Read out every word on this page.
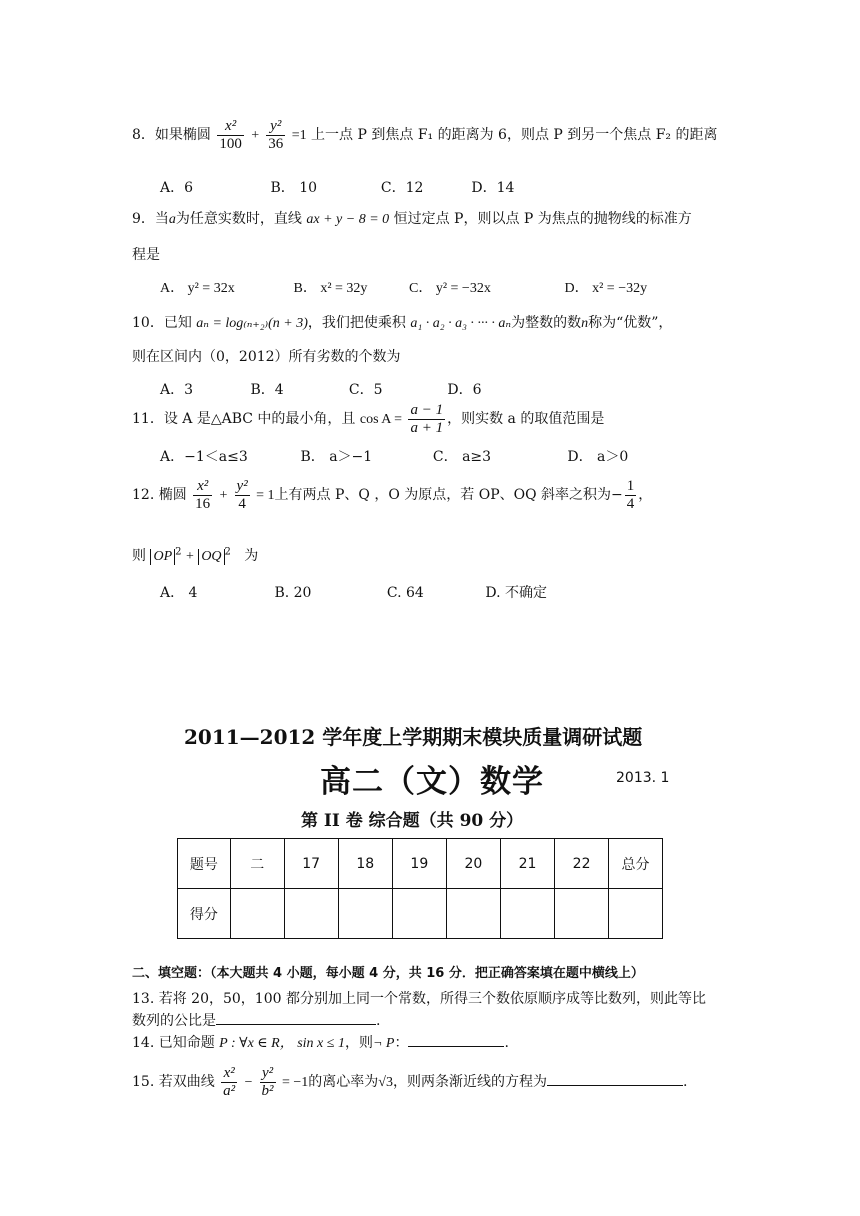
8．如果椭圆 $\frac{\text{x²}}{100} + \frac{\text{y²}}{36} =1$ 上一点 P 到焦点 F₁ 的距离为 6，则点 P 到另一个焦点 F₂ 的距离
A．6	B． 10	C．12	D．14
9．当a为任意实数时，直线 ax + y − 8 = 0 恒过定点 P，则以点 P 为焦点的抛物线的标准方
程是
A． y² = 32x	B． x² = 32y	C． y² = −32x	D． x² = −32y
10．已知 aₙ = log₍ₙ₊₂₎(n + 3)，我们把使乘积 a₁ · a₂ · a₃ · ··· · aₙ为整数的数n称为“优数”，
则在区间内（0，2012）所有劣数的个数为
A．3	B．4	C．5	D．6
11．设 A 是△ABC 中的最小角，且 $\cos A = \frac{a - 1}{a + 1}$ ，则实数 a 的取值范围是
A．−1＜a≤3	B． a＞−1	C． a≥3	D． a＞0
12. 椭圆 $\frac{\text{x²}}{16} + \frac{\text{y²}}{4} = 1$上有两点 P、Q ，O 为原点，若 OP、OQ 斜率之积为− $\frac{1}{4}$ ，
则 OP $^2$ + OQ $^2$ 为
A． 4	B. 20	C. 64	D. 不确定
2011—2012 学年度上学期期末模块质量调研试题
高二（文）数学	2013. 1
第 II 卷 综合题（共 90 分）
题号	二	17	18	19	20	21	22	总分
得分								
二、填空题：（本大题共 4 小题，每小题 4 分，共 16 分．把正确答案填在题中横线上）
13. 若将 20，50，100 都分别加上同一个常数，所得三个数依原顺序成等比数列，则此等比
数列的公比是	.
14. 已知命题 P : ∀x ∈ R， sin x ≤ 1，则¬ P：	.
15. 若双曲线 $\frac{\text{x²}}{\text{a²}} - \frac{\text{y²}}{\text{b²}} = -1$的离心率为√3，则两条渐近线的方程为	.
